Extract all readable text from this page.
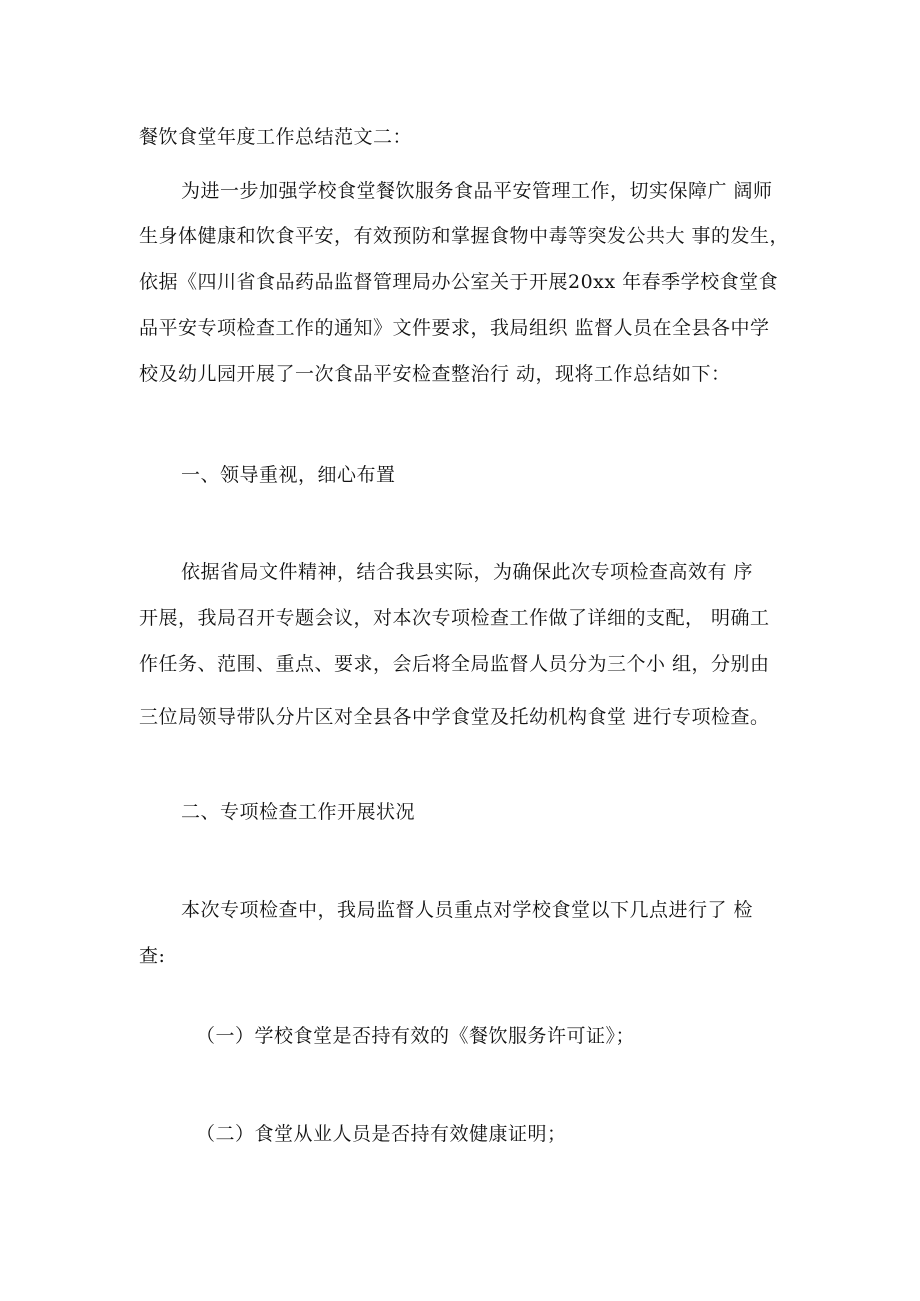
餐饮食堂年度工作总结范文二：
为进一步加强学校食堂餐饮服务食品平安管理工作，切实保障广 阔师
生身体健康和饮食平安，有效预防和掌握食物中毒等突发公共大 事的发生，
依据《四川省食品药品监督管理局办公室关于开展20xx 年春季学校食堂食
品平安专项检查工作的通知》文件要求，我局组织 监督人员在全县各中学
校及幼儿园开展了一次食品平安检查整治行 动，现将工作总结如下：
一、领导重视，细心布置
依据省局文件精神，结合我县实际，为确保此次专项检查高效有 序
开展，我局召开专题会议，对本次专项检查工作做了详细的支配， 明确工
作任务、范围、重点、要求，会后将全局监督人员分为三个小 组，分别由
三位局领导带队分片区对全县各中学食堂及托幼机构食堂 进行专项检查。
二、专项检查工作开展状况
本次专项检查中，我局监督人员重点对学校食堂以下几点进行了 检
查:
（一）学校食堂是否持有效的《餐饮服务许可证》；
（二）食堂从业人员是否持有效健康证明；
